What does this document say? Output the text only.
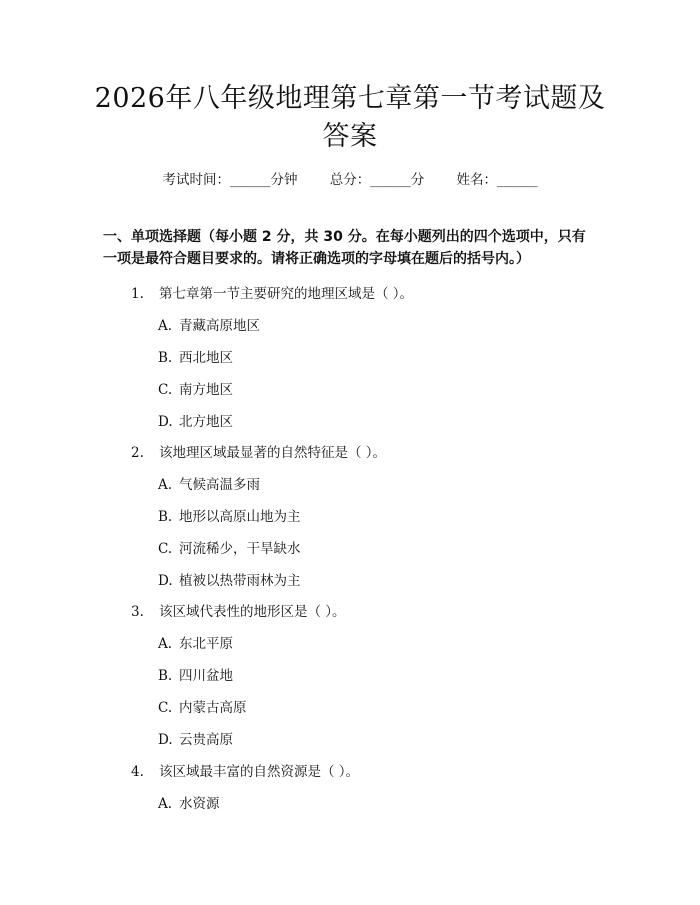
2026年八年级地理第七章第一节考试题及答案
考试时间：______分钟 总分：______分 姓名：______

一、单项选择题（每小题 2 分，共 30 分。在每小题列出的四个选项中，只有一项是最符合题目要求的。请将正确选项的字母填在题后的括号内。）

1. 第七章第一节主要研究的地理区域是（ ）。
A. 青藏高原地区
B. 西北地区
C. 南方地区
D. 北方地区
2. 该地理区域最显著的自然特征是（ ）。
A. 气候高温多雨
B. 地形以高原山地为主
C. 河流稀少，干旱缺水
D. 植被以热带雨林为主
3. 该区域代表性的地形区是（ ）。
A. 东北平原
B. 四川盆地
C. 内蒙古高原
D. 云贵高原
4. 该区域最丰富的自然资源是（ ）。
A. 水资源
